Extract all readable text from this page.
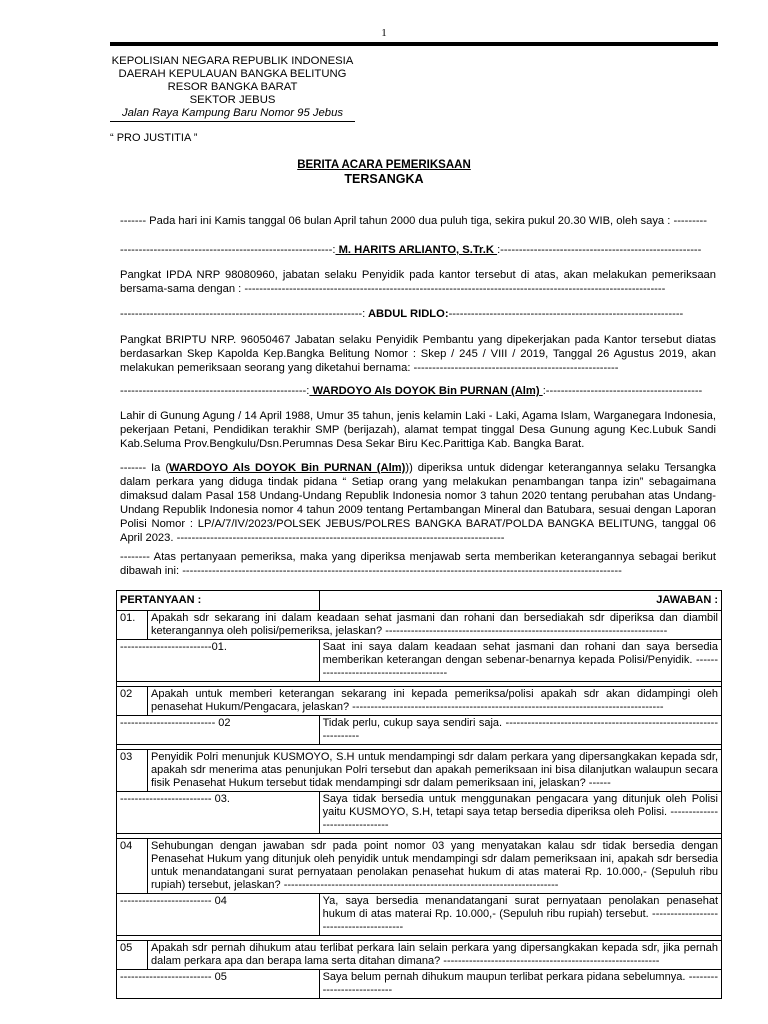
1
KEPOLISIAN NEGARA REPUBLIK INDONESIA
DAERAH KEPULAUAN BANGKA BELITUNG
RESOR BANGKA BARAT
SEKTOR JEBUS
Jalan Raya Kampung Baru Nomor 95 Jebus
“ PRO JUSTITIA ”
BERITA ACARA PEMERIKSAAN
TERSANGKA
------- Pada hari ini Kamis tanggal 06 bulan April tahun 2000 dua puluh tiga, sekira pukul 20.30 WIB, oleh saya : ---------
---------------------------------------------------------: M. HARITS ARLIANTO, S.Tr.K :------------------------------------------------------
Pangkat IPDA NRP 98080960, jabatan selaku Penyidik pada kantor tersebut di atas, akan melakukan pemeriksaan bersama-sama dengan : -----------------------------------------------------------------------------------------------------------------
-----------------------------------------------------------------: ABDUL RIDLO:---------------------------------------------------------------
Pangkat BRIPTU NRP. 96050467 Jabatan selaku Penyidik Pembantu yang dipekerjakan pada Kantor tersebut diatas berdasarkan Skep Kapolda Kep.Bangka Belitung Nomor : Skep / 245 / VIII / 2019, Tanggal 26 Agustus 2019, akan melakukan pemeriksaan seorang yang diketahui bernama: -------------------------------------------------------
--------------------------------------------------: WARDOYO Als DOYOK Bin PURNAN (Alm) :------------------------------------------
Lahir di Gunung Agung / 14 April 1988, Umur 35 tahun, jenis kelamin Laki - Laki, Agama Islam, Warganegara Indonesia, pekerjaan Petani, Pendidikan terakhir SMP (berijazah), alamat tempat tinggal Desa Gunung agung Kec.Lubuk Sandi Kab.Seluma Prov.Bengkulu/Dsn.Perumnas Desa Sekar Biru Kec.Parittiga Kab. Bangka Barat.
------- Ia (WARDOYO Als DOYOK Bin PURNAN (Alm))) diperiksa untuk didengar keterangannya selaku Tersangka dalam perkara yang diduga tindak pidana “ Setiap orang yang melakukan penambangan tanpa izin” sebagaimana dimaksud dalam Pasal 158 Undang-Undang Republik Indonesia nomor 3 tahun 2020 tentang perubahan atas Undang-Undang Republik Indonesia nomor 4 tahun 2009 tentang Pertambangan Mineral dan Batubara, sesuai dengan Laporan Polisi Nomor : LP/A/7/IV/2023/POLSEK JEBUS/POLRES BANGKA BARAT/POLDA BANGKA BELITUNG, tanggal 06 April 2023. ----------------------------------------------------------------------------------------
-------- Atas pertanyaan pemeriksa, maka yang diperiksa menjawab serta memberikan keterangannya sebagai berikut dibawah ini: ----------------------------------------------------------------------------------------------------------------------
PERTANYAAN :		JAWABAN :
01.	Apakah sdr sekarang ini dalam keadaan sehat jasmani dan rohani dan bersediakah sdr diperiksa dan diambil keterangannya oleh polisi/pemeriksa, jelaskan? -----------------------------------------------------------------------------	
-------------------------01.		Saat ini saya dalam keadaan sehat jasmani dan rohani dan saya bersedia memberikan keterangan dengan sebenar-benarnya kepada Polisi/Penyidik. ----------------------------------------

02	Apakah untuk memberi keterangan sekarang ini kepada pemeriksa/polisi apakah sdr akan didampingi oleh penasehat Hukum/Pengacara, jelaskan? -------------------------------------------------------------------------------------	
-------------------------- 02		Tidak perlu, cukup saya sendiri saja. --------------------------------------------------------------------

03	Penyidik Polri menunjuk KUSMOYO, S.H untuk mendampingi sdr dalam perkara yang dipersangkakan kepada sdr, apakah sdr menerima atas penunjukan Polri tersebut dan apakah pemeriksaan ini bisa dilanjutkan walaupun secara fisik Penasehat Hukum tersebut tidak mendampingi sdr dalam pemeriksaan ini, jelaskan? ------	
------------------------- 03.		Saya tidak bersedia untuk menggunakan pengacara yang ditunjuk oleh Polisi yaitu KUSMOYO, S.H, tetapi saya tetap bersedia diperiksa oleh Polisi. -------------------------------

04	Sehubungan dengan jawaban sdr pada point nomor 03 yang menyatakan kalau sdr tidak bersedia dengan Penasehat Hukum yang ditunjuk oleh penyidik untuk mendampingi sdr dalam pemeriksaan ini, apakah sdr bersedia untuk menandatangani surat pernyataan penolakan penasehat hukum di atas materai Rp. 10.000,- (Sepuluh ribu rupiah) tersebut, jelaskan? ---------------------------------------------------------------------------	
------------------------- 04		Ya, saya bersedia menandatangani surat pernyataan penolakan penasehat hukum di atas materai Rp. 10.000,- (Sepuluh ribu rupiah) tersebut. ----------------------------------------

05	Apakah sdr pernah dihukum atau terlibat perkara lain selain perkara yang dipersangkakan kepada sdr, jika pernah dalam perkara apa dan berapa lama serta ditahan dimana? -----------------------------------------------------------	
------------------------- 05		Saya belum pernah dihukum maupun terlibat perkara pidana sebelumnya. ---------------------------
